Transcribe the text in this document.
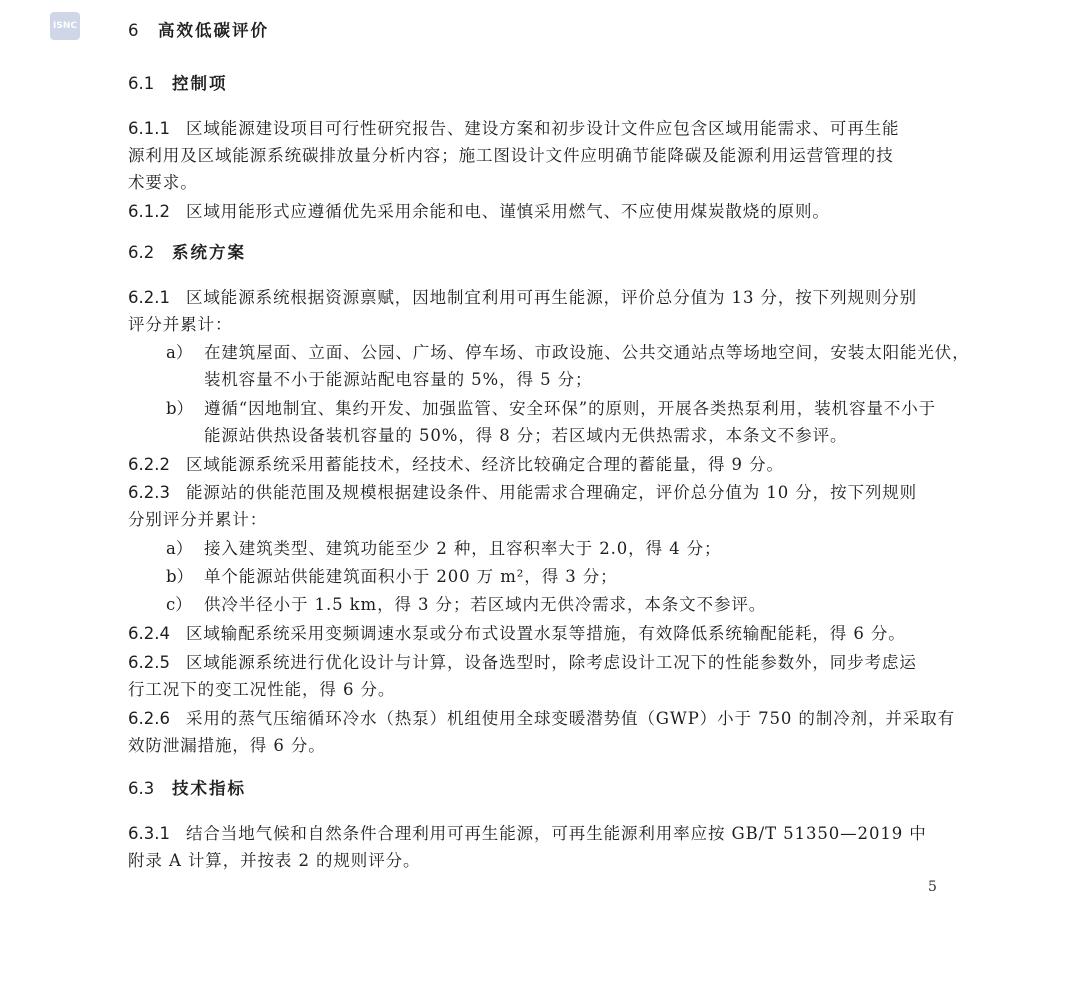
ISNC	6 高效低碳评价
6.1 控制项
6.1.1 区域能源建设项目可行性研究报告、建设方案和初步设计文件应包含区域用能需求、可再生能
源利用及区域能源系统碳排放量分析内容；施工图设计文件应明确节能降碳及能源利用运营管理的技
术要求。
6.1.2 区域用能形式应遵循优先采用余能和电、谨慎采用燃气、不应使用煤炭散烧的原则。
6.2 系统方案
6.2.1 区域能源系统根据资源禀赋，因地制宜利用可再生能源，评价总分值为 13 分，按下列规则分别
评分并累计：
a） 在建筑屋面、立面、公园、广场、停车场、市政设施、公共交通站点等场地空间，安装太阳能光伏，
装机容量不小于能源站配电容量的 5%，得 5 分；
b） 遵循“因地制宜、集约开发、加强监管、安全环保”的原则，开展各类热泵利用，装机容量不小于
能源站供热设备装机容量的 50%，得 8 分；若区域内无供热需求，本条文不参评。
6.2.2 区域能源系统采用蓄能技术，经技术、经济比较确定合理的蓄能量，得 9 分。
6.2.3 能源站的供能范围及规模根据建设条件、用能需求合理确定，评价总分值为 10 分，按下列规则
分别评分并累计：
a） 接入建筑类型、建筑功能至少 2 种，且容积率大于 2.0，得 4 分；
b） 单个能源站供能建筑面积小于 200 万 m²，得 3 分；
c） 供冷半径小于 1.5 km，得 3 分；若区域内无供冷需求，本条文不参评。
6.2.4 区域输配系统采用变频调速水泵或分布式设置水泵等措施，有效降低系统输配能耗，得 6 分。
6.2.5 区域能源系统进行优化设计与计算，设备选型时，除考虑设计工况下的性能参数外，同步考虑运
行工况下的变工况性能，得 6 分。
6.2.6 采用的蒸气压缩循环冷水（热泵）机组使用全球变暖潜势值（GWP）小于 750 的制冷剂，并采取有
效防泄漏措施，得 6 分。
6.3 技术指标
6.3.1 结合当地气候和自然条件合理利用可再生能源，可再生能源利用率应按 GB/T 51350—2019 中
附录 A 计算，并按表 2 的规则评分。
5
